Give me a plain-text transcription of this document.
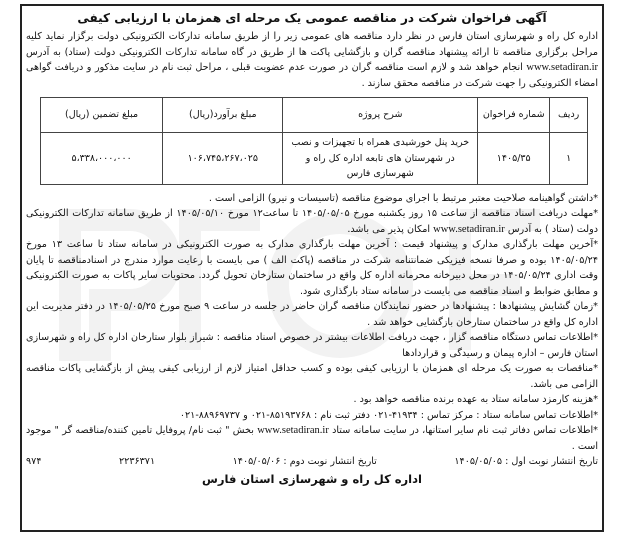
آگهی فراخوان شرکت در مناقصه عمومی یک مرحله ای همزمان با ارزیابی کیفی

اداره کل راه و شهرسازی استان فارس در نظر دارد مناقصه های عمومی زیر را از طریق سامانه تدارکات الکترونیکی دولت برگزار نماید کلیه مراحل برگزاری مناقصه تا ارائه پیشنهاد مناقصه گران و بازگشایی پاکت ها از طریق در گاه سامانه تدارکات الکترونیکی دولت (ستاد) به آدرس www.setadiran.ir انجام خواهد شد و لازم است مناقصه گران در صورت عدم عضویت قبلی ، مراحل ثبت نام در سایت مذکور و دریافت گواهی امضاء الکترونیکی را جهت شرکت در مناقصه محقق سازند .

ردیف	شماره فراخوان	شرح پروژه	مبلغ برآورد(ریال)	مبلغ تضمین (ریال)
۱	۱۴۰۵/۳۵	خرید پنل خورشیدی همراه با تجهیزات و نصب در شهرستان های تابعه اداره کل راه و شهرسازی فارس	۱۰۶،۷۴۵،۲۶۷،۰۲۵	۵،۳۳۸،۰۰۰،۰۰۰

*داشتن گواهینامه صلاحیت معتبر مرتبط با اجرای موضوع مناقصه (تاسیسات و نیرو) الزامی است .

*مهلت دریافت اسناد مناقصه از ساعت ۱۵ روز یکشنبه مورخ ۱۴۰۵/۰۵/۰۵ تا ساعت۱۲ مورخ ۱۴۰۵/۰۵/۱۰ از طریق سامانه تدارکات الکترونیکی دولت (ستاد ) به آدرس www.setadiran.ir امکان پذیر می باشد.

*آخرین مهلت بارگذاری مدارک و پیشنهاد قیمت : آخرین مهلت بارگذاری مدارک به صورت الکترونیکی در سامانه ستاد تا ساعت ۱۳ مورخ ۱۴۰۵/۰۵/۲۴ بوده و صرفا نسخه فیزیکی ضمانتنامه شرکت در مناقصه (پاکت الف ) می بایست با رعایت موارد مندرج در اسنادمناقصه تا پایان وقت اداری ۱۴۰۵/۰۵/۲۴ در محل دبیرخانه محرمانه اداره کل واقع در ساختمان ستارخان تحویل گردد. محتویات سایر پاکات به صورت الکترونیکی و مطابق ضوابط و اسناد مناقصه می بایست در سامانه ستاد بارگذاری شود.

*زمان گشایش پیشنهادها : پیشنهادها در حضور نمایندگان مناقصه گران حاضر در جلسه در ساعت ۹ صبح مورخ ۱۴۰۵/۰۵/۲۵ در دفتر مدیریت این اداره کل واقع در ساختمان ستارخان بازگشایی خواهد شد .

*اطلاعات تماس دستگاه مناقصه گزار ، جهت دریافت اطلاعات بیشتر در خصوص اسناد مناقصه : شیراز بلوار ستارخان اداره کل راه و شهرسازی استان فارس – اداره پیمان و رسیدگی و قراردادها

*مناقصات به صورت یک مرحله ای همزمان با ارزیابی کیفی بوده و کسب حداقل امتیاز لازم از ارزیابی کیفی پیش از بازگشایی پاکات مناقصه الزامی می باشد.

*هزینه کارمزد سامانه ستاد به عهده برنده مناقصه خواهد بود .

*اطلاعات تماس سامانه ستاد : مرکز تماس : ۴۱۹۳۴-۰۲۱ دفتر ثبت نام : ۸۵۱۹۳۷۶۸-۰۲۱ و ۸۸۹۶۹۷۳۷-۰۲۱

*اطلاعات تماس دفاتر ثبت نام سایر استانها، در سایت سامانه ستاد www.setadiran.ir بخش " ثبت نام/ پروفایل تامین کننده/مناقصه گر " موجود است .

تاریخ انتشار نوبت اول : ۱۴۰۵/۰۵/۰۵
تاریخ انتشار نوبت دوم : ۱۴۰۵/۰۵/۰۶
۲۲۳۶۳۷۱
۹۷۴
اداره کل راه و شهرسازی استان فارس
